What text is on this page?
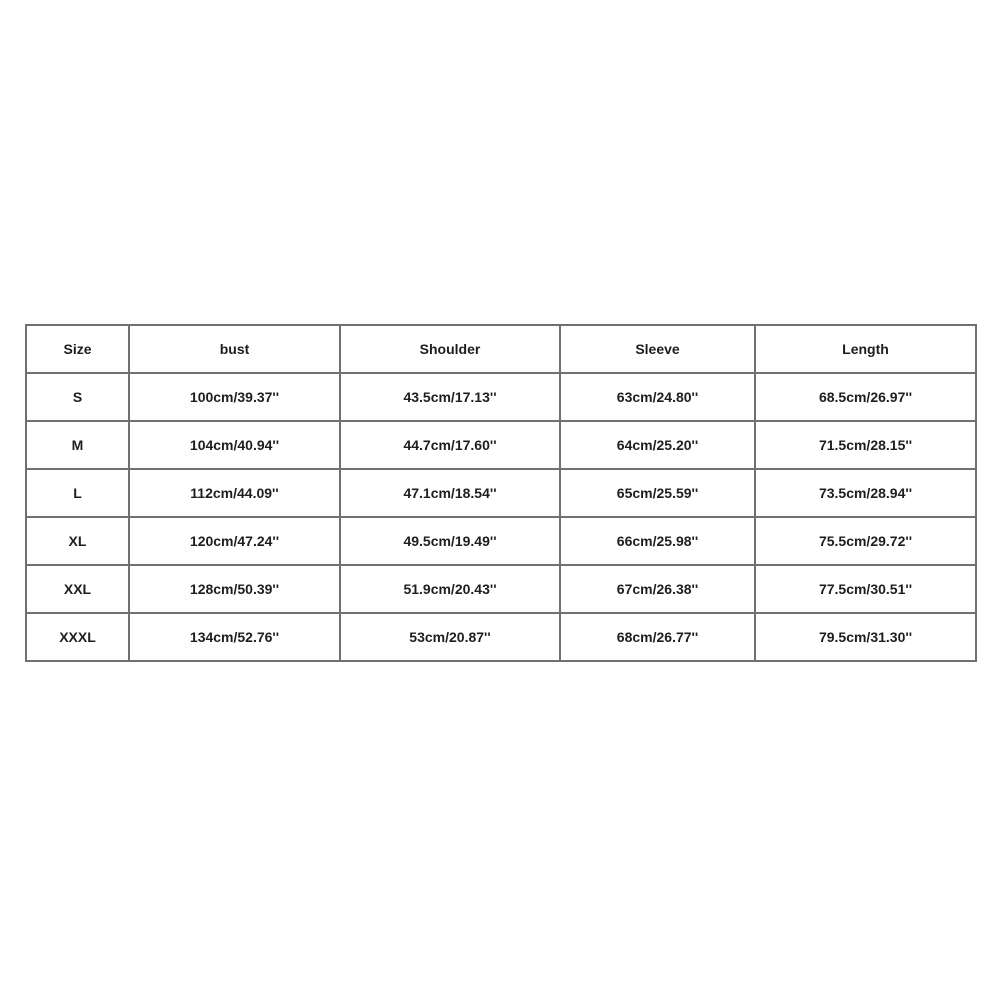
Size	bust	Shoulder	Sleeve	Length
S	100cm/39.37''	43.5cm/17.13''	63cm/24.80''	68.5cm/26.97''
M	104cm/40.94''	44.7cm/17.60''	64cm/25.20''	71.5cm/28.15''
L	112cm/44.09''	47.1cm/18.54''	65cm/25.59''	73.5cm/28.94''
XL	120cm/47.24''	49.5cm/19.49''	66cm/25.98''	75.5cm/29.72''
XXL	128cm/50.39''	51.9cm/20.43''	67cm/26.38''	77.5cm/30.51''
XXXL	134cm/52.76''	53cm/20.87''	68cm/26.77''	79.5cm/31.30''
